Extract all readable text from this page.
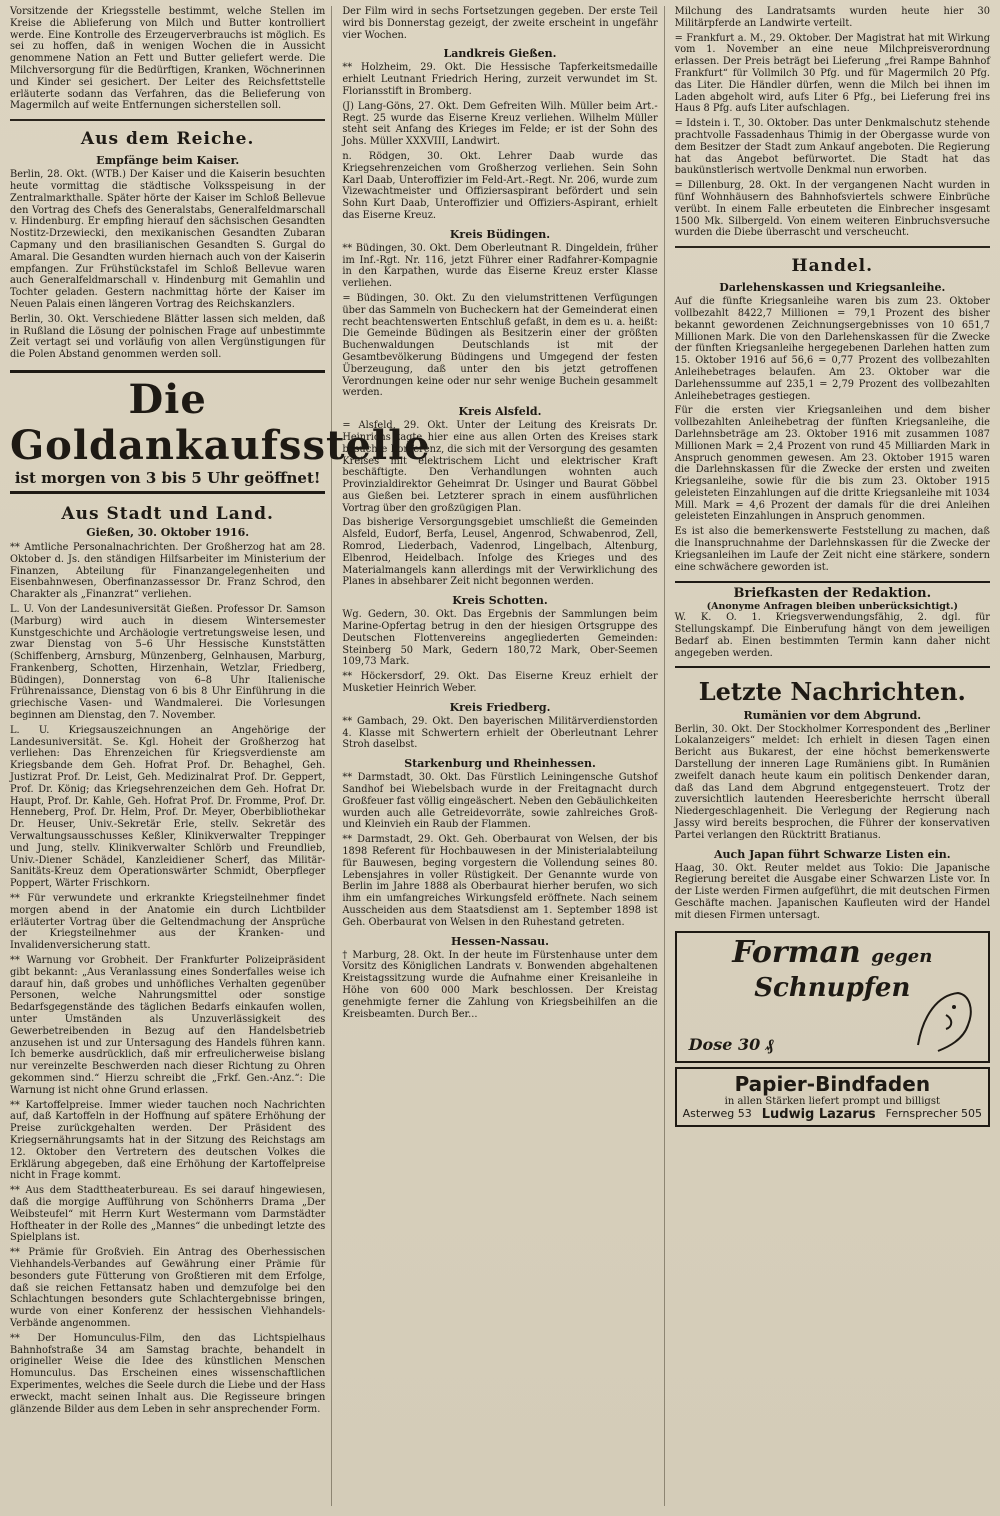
Vorsitzende der Kriegsstelle bestimmt, welche Stellen im Kreise die Ablieferung von Milch und Butter kontrolliert werde. Eine Kontrolle des Erzeugerverbrauchs ist möglich. Es sei zu hoffen, daß in wenigen Wochen die in Aussicht genommene Nation an Fett und Butter geliefert werde. Die Milchversorgung für die Bedürftigen, Kranken, Wöchnerinnen und Kinder sei gesichert. Der Leiter des Reichsfettstelle erläuterte sodann das Verfahren, das die Belieferung von Magermilch auf weite Entfernungen sicherstellen soll.

Aus dem Reiche.
Empfänge beim Kaiser.

Berlin, 28. Okt. (WTB.) Der Kaiser und die Kaiserin besuchten heute vormittag die städtische Volksspeisung in der Zentralmarkthalle. Später hörte der Kaiser im Schloß Bellevue den Vortrag des Chefs des Generalstabs, Generalfeldmarschall v. Hindenburg. Er empfing hierauf den sächsischen Gesandten Nostitz-Drzewiecki, den mexikanischen Gesandten Zubaran Capmany und den brasilianischen Gesandten S. Gurgal do Amaral. Die Gesandten wurden hiernach auch von der Kaiserin empfangen. Zur Frühstückstafel im Schloß Bellevue waren auch Generalfeldmarschall v. Hindenburg mit Gemahlin und Tochter geladen. Gestern nachmittag hörte der Kaiser im Neuen Palais einen längeren Vortrag des Reichskanzlers.

Berlin, 30. Okt. Verschiedene Blätter lassen sich melden, daß in Rußland die Lösung der polnischen Frage auf unbestimmte Zeit vertagt sei und vorläufig von allen Vergünstigungen für die Polen Abstand genommen werden soll.

Die Goldankaufsstelle
ist morgen von 3 bis 5 Uhr geöffnet!
Aus Stadt und Land.
Gießen, 30. Oktober 1916.

** Amtliche Personalnachrichten. Der Großherzog hat am 28. Oktober d. Js. den ständigen Hilfsarbeiter im Ministerium der Finanzen, Abteilung für Finanzangelegenheiten und Eisenbahnwesen, Oberfinanzassessor Dr. Franz Schrod, den Charakter als „Finanzrat“ verliehen.

L. U. Von der Landesuniversität Gießen. Professor Dr. Samson (Marburg) wird auch in diesem Wintersemester Kunstgeschichte und Archäologie vertretungsweise lesen, und zwar Dienstag von 5–6 Uhr Hessische Kunststätten (Schiffenberg, Arnsburg, Münzenberg, Gelnhausen, Marburg, Frankenberg, Schotten, Hirzenhain, Wetzlar, Friedberg, Büdingen), Donnerstag von 6–8 Uhr Italienische Frührenaissance, Dienstag von 6 bis 8 Uhr Einführung in die griechische Vasen- und Wandmalerei. Die Vorlesungen beginnen am Dienstag, den 7. November.

L. U. Kriegsauszeichnungen an Angehörige der Landesuniversität. Se. Kgl. Hoheit der Großherzog hat verliehen: Das Ehrenzeichen für Kriegsverdienste am Kriegsbande dem Geh. Hofrat Prof. Dr. Behaghel, Geh. Justizrat Prof. Dr. Leist, Geh. Medizinalrat Prof. Dr. Geppert, Prof. Dr. König; das Kriegsehrenzeichen dem Geh. Hofrat Dr. Haupt, Prof. Dr. Kahle, Geh. Hofrat Prof. Dr. Fromme, Prof. Dr. Henneberg, Prof. Dr. Helm, Prof. Dr. Meyer, Oberbibliothekar Dr. Heuser, Univ.-Sekretär Erle, stellv. Sekretär des Verwaltungsausschusses Keßler, Klinikverwalter Treppinger und Jung, stellv. Klinikverwalter Schlörb und Freundlieb, Univ.-Diener Schädel, Kanzleidiener Scherf, das Militär-Sanitäts-Kreuz dem Operationswärter Schmidt, Oberpfleger Poppert, Wärter Frischkorn.

** Für verwundete und erkrankte Kriegsteilnehmer findet morgen abend in der Anatomie ein durch Lichtbilder erläuterter Vortrag über die Geltendmachung der Ansprüche der Kriegsteilnehmer aus der Kranken- und Invalidenversicherung statt.

** Warnung vor Grobheit. Der Frankfurter Polizeipräsident gibt bekannt: „Aus Veranlassung eines Sonderfalles weise ich darauf hin, daß grobes und unhöfliches Verhalten gegenüber Personen, welche Nahrungsmittel oder sonstige Bedarfsgegenstände des täglichen Bedarfs einkaufen wollen, unter Umständen als Unzuverlässigkeit des Gewerbetreibenden in Bezug auf den Handelsbetrieb anzusehen ist und zur Untersagung des Handels führen kann. Ich bemerke ausdrücklich, daß mir erfreulicherweise bislang nur vereinzelte Beschwerden nach dieser Richtung zu Ohren gekommen sind.“ Hierzu schreibt die „Frkf. Gen.-Anz.“: Die Warnung ist nicht ohne Grund erlassen.

** Kartoffelpreise. Immer wieder tauchen noch Nachrichten auf, daß Kartoffeln in der Hoffnung auf spätere Erhöhung der Preise zurückgehalten werden. Der Präsident des Kriegsernährungsamts hat in der Sitzung des Reichstags am 12. Oktober den Vertretern des deutschen Volkes die Erklärung abgegeben, daß eine Erhöhung der Kartoffelpreise nicht in Frage kommt.

** Aus dem Stadttheaterbureau. Es sei darauf hingewiesen, daß die morgige Aufführung von Schönherrs Drama „Der Weibsteufel“ mit Herrn Kurt Westermann vom Darmstädter Hoftheater in der Rolle des „Mannes“ die unbedingt letzte des Spielplans ist.

** Prämie für Großvieh. Ein Antrag des Oberhessischen Viehhandels-Verbandes auf Gewährung einer Prämie für besonders gute Fütterung von Großtieren mit dem Erfolge, daß sie reichen Fettansatz haben und demzufolge bei den Schlachtungen besonders gute Schlachtergebnisse bringen, wurde von einer Konferenz der hessischen Viehhandels-Verbände angenommen.

** Der Homunculus-Film, den das Lichtspielhaus Bahnhofstraße 34 am Samstag brachte, behandelt in origineller Weise die Idee des künstlichen Menschen Homunculus. Das Erscheinen eines wissenschaftlichen Experimentes, welches die Seele durch die Liebe und der Hass erweckt, macht seinen Inhalt aus. Die Regisseure bringen glänzende Bilder aus dem Leben in sehr ansprechender Form.

Der Film wird in sechs Fortsetzungen gegeben. Der erste Teil wird bis Donnerstag gezeigt, der zweite erscheint in ungefähr vier Wochen.

Landkreis Gießen.

** Holzheim, 29. Okt. Die Hessische Tapferkeitsmedaille erhielt Leutnant Friedrich Hering, zurzeit verwundet im St. Floriansstift in Bromberg.

(J) Lang-Göns, 27. Okt. Dem Gefreiten Wilh. Müller beim Art.-Regt. 25 wurde das Eiserne Kreuz verliehen. Wilhelm Müller steht seit Anfang des Krieges im Felde; er ist der Sohn des Johs. Müller XXXVIII, Landwirt.

n. Rödgen, 30. Okt. Lehrer Daab wurde das Kriegsehrenzeichen vom Großherzog verliehen. Sein Sohn Karl Daab, Unteroffizier im Feld-Art.-Regt. Nr. 206, wurde zum Vizewachtmeister und Offiziersaspirant befördert und sein Sohn Kurt Daab, Unteroffizier und Offiziers-Aspirant, erhielt das Eiserne Kreuz.

Kreis Büdingen.

** Büdingen, 30. Okt. Dem Oberleutnant R. Dingeldein, früher im Inf.-Rgt. Nr. 116, jetzt Führer einer Radfahrer-Kompagnie in den Karpathen, wurde das Eiserne Kreuz erster Klasse verliehen.

= Büdingen, 30. Okt. Zu den vielumstrittenen Verfügungen über das Sammeln von Bucheckern hat der Gemeinderat einen recht beachtenswerten Entschluß gefaßt, in dem es u. a. heißt: Die Gemeinde Büdingen als Besitzerin einer der größten Buchenwaldungen Deutschlands ist mit der Gesamtbevölkerung Büdingens und Umgegend der festen Überzeugung, daß unter den bis jetzt getroffenen Verordnungen keine oder nur sehr wenige Buchein gesammelt werden.

Kreis Alsfeld.

= Alsfeld, 29. Okt. Unter der Leitung des Kreisrats Dr. Heinrichs tagte hier eine aus allen Orten des Kreises stark besuchte Konferenz, die sich mit der Versorgung des gesamten Kreises mit elektrischem Licht und elektrischer Kraft beschäftigte. Den Verhandlungen wohnten auch Provinzialdirektor Geheimrat Dr. Usinger und Baurat Göbbel aus Gießen bei. Letzterer sprach in einem ausführlichen Vortrag über den großzügigen Plan.

Das bisherige Versorgungsgebiet umschließt die Gemeinden Alsfeld, Eudorf, Berfa, Leusel, Angenrod, Schwabenrod, Zell, Romrod, Liederbach, Vadenrod, Lingelbach, Altenburg, Elbenrod, Heidelbach. Infolge des Krieges und des Materialmangels kann allerdings mit der Verwirklichung des Planes in absehbarer Zeit nicht begonnen werden.

Kreis Schotten.

Wg. Gedern, 30. Okt. Das Ergebnis der Sammlungen beim Marine-Opfertag betrug in den der hiesigen Ortsgruppe des Deutschen Flottenvereins angegliederten Gemeinden: Steinberg 50 Mark, Gedern 180,72 Mark, Ober-Seemen 109,73 Mark.

** Höckersdorf, 29. Okt. Das Eiserne Kreuz erhielt der Musketier Heinrich Weber.

Kreis Friedberg.

** Gambach, 29. Okt. Den bayerischen Militärverdienstorden 4. Klasse mit Schwertern erhielt der Oberleutnant Lehrer Stroh daselbst.

Starkenburg und Rheinhessen.

** Darmstadt, 30. Okt. Das Fürstlich Leiningensche Gutshof Sandhof bei Wiebelsbach wurde in der Freitagnacht durch Großfeuer fast völlig eingeäschert. Neben den Gebäulichkeiten wurden auch alle Getreidevorräte, sowie zahlreiches Groß- und Kleinvieh ein Raub der Flammen.

** Darmstadt, 29. Okt. Geh. Oberbaurat von Welsen, der bis 1898 Referent für Hochbauwesen in der Ministerialabteilung für Bauwesen, beging vorgestern die Vollendung seines 80. Lebensjahres in voller Rüstigkeit. Der Genannte wurde von Berlin im Jahre 1888 als Oberbaurat hierher berufen, wo sich ihm ein umfangreiches Wirkungsfeld eröffnete. Nach seinem Ausscheiden aus dem Staatsdienst am 1. September 1898 ist Geh. Oberbaurat von Welsen in den Ruhestand getreten.

Hessen-Nassau.

† Marburg, 28. Okt. In der heute im Fürstenhause unter dem Vorsitz des Königlichen Landrats v. Bonwenden abgehaltenen Kreistagssitzung wurde die Aufnahme einer Kreisanleihe in Höhe von 600 000 Mark beschlossen. Der Kreistag genehmigte ferner die Zahlung von Kriegsbeihilfen an die Kreisbeamten. Durch Ber...

Milchung des Landratsamts wurden heute hier 30 Militärpferde an Landwirte verteilt.

= Frankfurt a. M., 29. Oktober. Der Magistrat hat mit Wirkung vom 1. November an eine neue Milchpreisverordnung erlassen. Der Preis beträgt bei Lieferung „frei Rampe Bahnhof Frankfurt“ für Vollmilch 30 Pfg. und für Magermilch 20 Pfg. das Liter. Die Händler dürfen, wenn die Milch bei ihnen im Laden abgeholt wird, aufs Liter 6 Pfg., bei Lieferung frei ins Haus 8 Pfg. aufs Liter aufschlagen.

= Idstein i. T., 30. Oktober. Das unter Denkmalschutz stehende prachtvolle Fassadenhaus Thimig in der Obergasse wurde von dem Besitzer der Stadt zum Ankauf angeboten. Die Regierung hat das Angebot befürwortet. Die Stadt hat das baukünstlerisch wertvolle Denkmal nun erworben.

= Dillenburg, 28. Okt. In der vergangenen Nacht wurden in fünf Wohnhäusern des Bahnhofsviertels schwere Einbrüche verübt. In einem Falle erbeuteten die Einbrecher insgesamt 1500 Mk. Silbergeld. Von einem weiteren Einbruchsversuche wurden die Diebe überrascht und verscheucht.

Handel.
Darlehenskassen und Kriegsanleihe.

Auf die fünfte Kriegsanleihe waren bis zum 23. Oktober vollbezahlt 8422,7 Millionen = 79,1 Prozent des bisher bekannt gewordenen Zeichnungsergebnisses von 10 651,7 Millionen Mark. Die von den Darlehenskassen für die Zwecke der fünften Kriegsanleihe hergegebenen Darlehen hatten zum 15. Oktober 1916 auf 56,6 = 0,77 Prozent des vollbezahlten Anleihebetrages belaufen. Am 23. Oktober war die Darlehenssumme auf 235,1 = 2,79 Prozent des vollbezahlten Anleihebetrages gestiegen.

Für die ersten vier Kriegsanleihen und dem bisher vollbezahlten Anleihebetrag der fünften Kriegsanleihe, die Darlehnsbeträge am 23. Oktober 1916 mit zusammen 1087 Millionen Mark = 2,4 Prozent von rund 45 Milliarden Mark in Anspruch genommen gewesen. Am 23. Oktober 1915 waren die Darlehnskassen für die Zwecke der ersten und zweiten Kriegsanleihe, sowie für die bis zum 23. Oktober 1915 geleisteten Einzahlungen auf die dritte Kriegsanleihe mit 1034 Mill. Mark = 4,6 Prozent der damals für die drei Anleihen geleisteten Einzahlungen in Anspruch genommen.

Es ist also die bemerkenswerte Feststellung zu machen, daß die Inanspruchnahme der Darlehnskassen für die Zwecke der Kriegsanleihen im Laufe der Zeit nicht eine stärkere, sondern eine schwächere geworden ist.

Briefkasten der Redaktion.
(Anonyme Anfragen bleiben unberücksichtigt.)

W. K. O. 1. Kriegsverwendungsfähig, 2. dgl. für Stellungskampf. Die Einberufung hängt von dem jeweiligen Bedarf ab. Einen bestimmten Termin kann daher nicht angegeben werden.

Letzte Nachrichten.
Rumänien vor dem Abgrund.

Berlin, 30. Okt. Der Stockholmer Korrespondent des „Berliner Lokalanzeigers“ meldet: Ich erhielt in diesen Tagen einen Bericht aus Bukarest, der eine höchst bemerkenswerte Darstellung der inneren Lage Rumäniens gibt. In Rumänien zweifelt danach heute kaum ein politisch Denkender daran, daß das Land dem Abgrund entgegensteuert. Trotz der zuversichtlich lautenden Heeresberichte herrscht überall Niedergeschlagenheit. Die Verlegung der Regierung nach Jassy wird bereits besprochen, die Führer der konservativen Partei verlangen den Rücktritt Bratianus.

Auch Japan führt Schwarze Listen ein.

Haag, 30. Okt. Reuter meldet aus Tokio: Die Japanische Regierung bereitet die Ausgabe einer Schwarzen Liste vor. In der Liste werden Firmen aufgeführt, die mit deutschen Firmen Geschäfte machen. Japanischen Kaufleuten wird der Handel mit diesen Firmen untersagt.

Forman gegen
Schnupfen
Dose 30 ₰
Papier-Bindfaden
in allen Stärken liefert prompt und billigst
Asterweg 53 Ludwig Lazarus Fernsprecher 505
